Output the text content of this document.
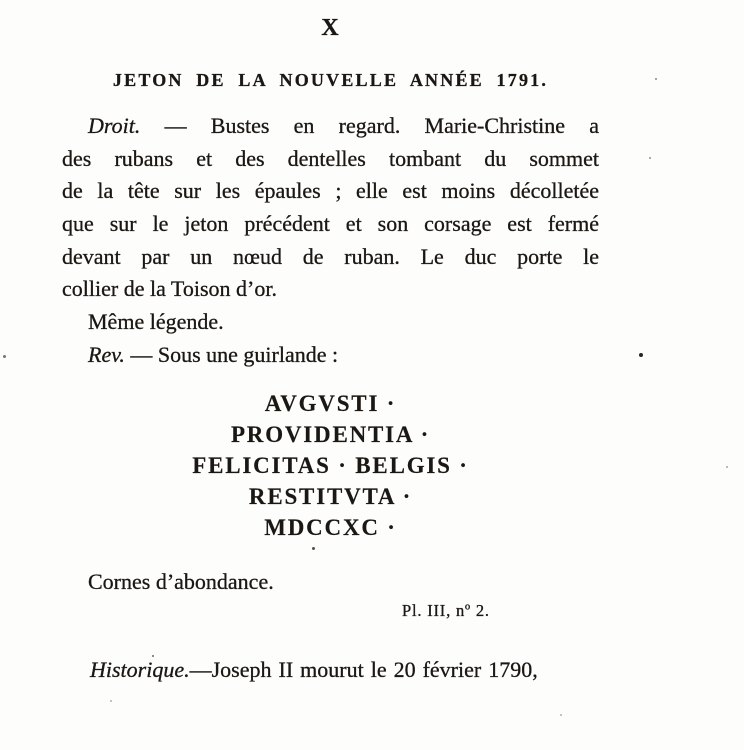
X
JETON DE LA NOUVELLE ANNÉE 1791.
Droit. — Bustes en regard. Marie-Christine a
des rubans et des dentelles tombant du sommet
de la tête sur les épaules ; elle est moins décolletée
que sur le jeton précédent et son corsage est fermé
devant par un nœud de ruban. Le duc porte le
collier de la Toison d’or.
Même légende.
Rev. — Sous une guirlande :
AVGVSTI ·
PROVIDENTIA ·
FELICITAS · BELGIS ·
RESTITVTA ·
MDCCXC ·
Cornes d’abondance.
Pl. III, nº 2.
Historique.—Joseph II mourut le 20 février 1790,
